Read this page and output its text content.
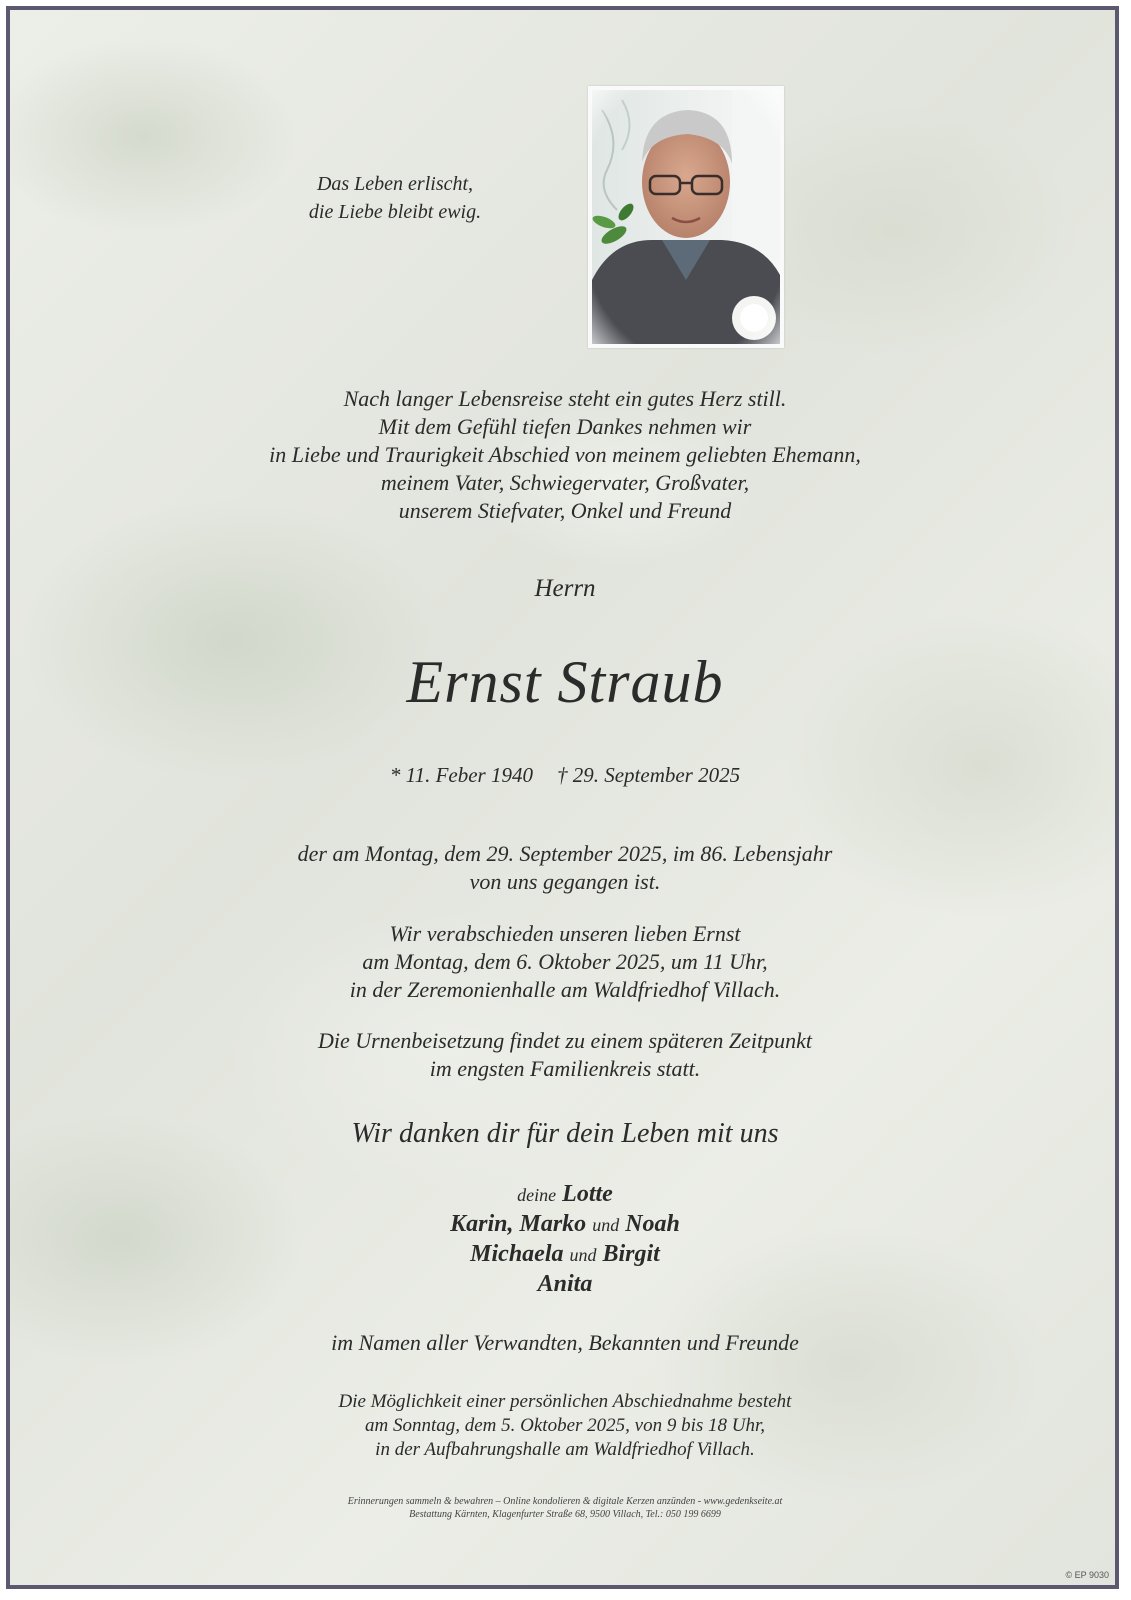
Das Leben erlischt,
die Liebe bleibt ewig.
Nach langer Lebensreise steht ein gutes Herz still.
Mit dem Gefühl tiefen Dankes nehmen wir
in Liebe und Traurigkeit Abschied von meinem geliebten Ehemann,
meinem Vater, Schwiegervater, Großvater,
unserem Stiefvater, Onkel und Freund
Herrn
Ernst Straub
* 11. Feber 1940 † 29. September 2025
der am Montag, dem 29. September 2025, im 86. Lebensjahr
von uns gegangen ist.
Wir verabschieden unseren lieben Ernst
am Montag, dem 6. Oktober 2025, um 11 Uhr,
in der Zeremonienhalle am Waldfriedhof Villach.
Die Urnenbeisetzung findet zu einem späteren Zeitpunkt
im engsten Familienkreis statt.
Wir danken dir für dein Leben mit uns
deine Lotte
Karin, Marko und Noah
Michaela und Birgit
Anita
im Namen aller Verwandten, Bekannten und Freunde
Die Möglichkeit einer persönlichen Abschiednahme besteht
am Sonntag, dem 5. Oktober 2025, von 9 bis 18 Uhr,
in der Aufbahrungshalle am Waldfriedhof Villach.
Erinnerungen sammeln & bewahren – Online kondolieren & digitale Kerzen anzünden - www.gedenkseite.at
Bestattung Kärnten, Klagenfurter Straße 68, 9500 Villach, Tel.: 050 199 6699
© EP 9030
